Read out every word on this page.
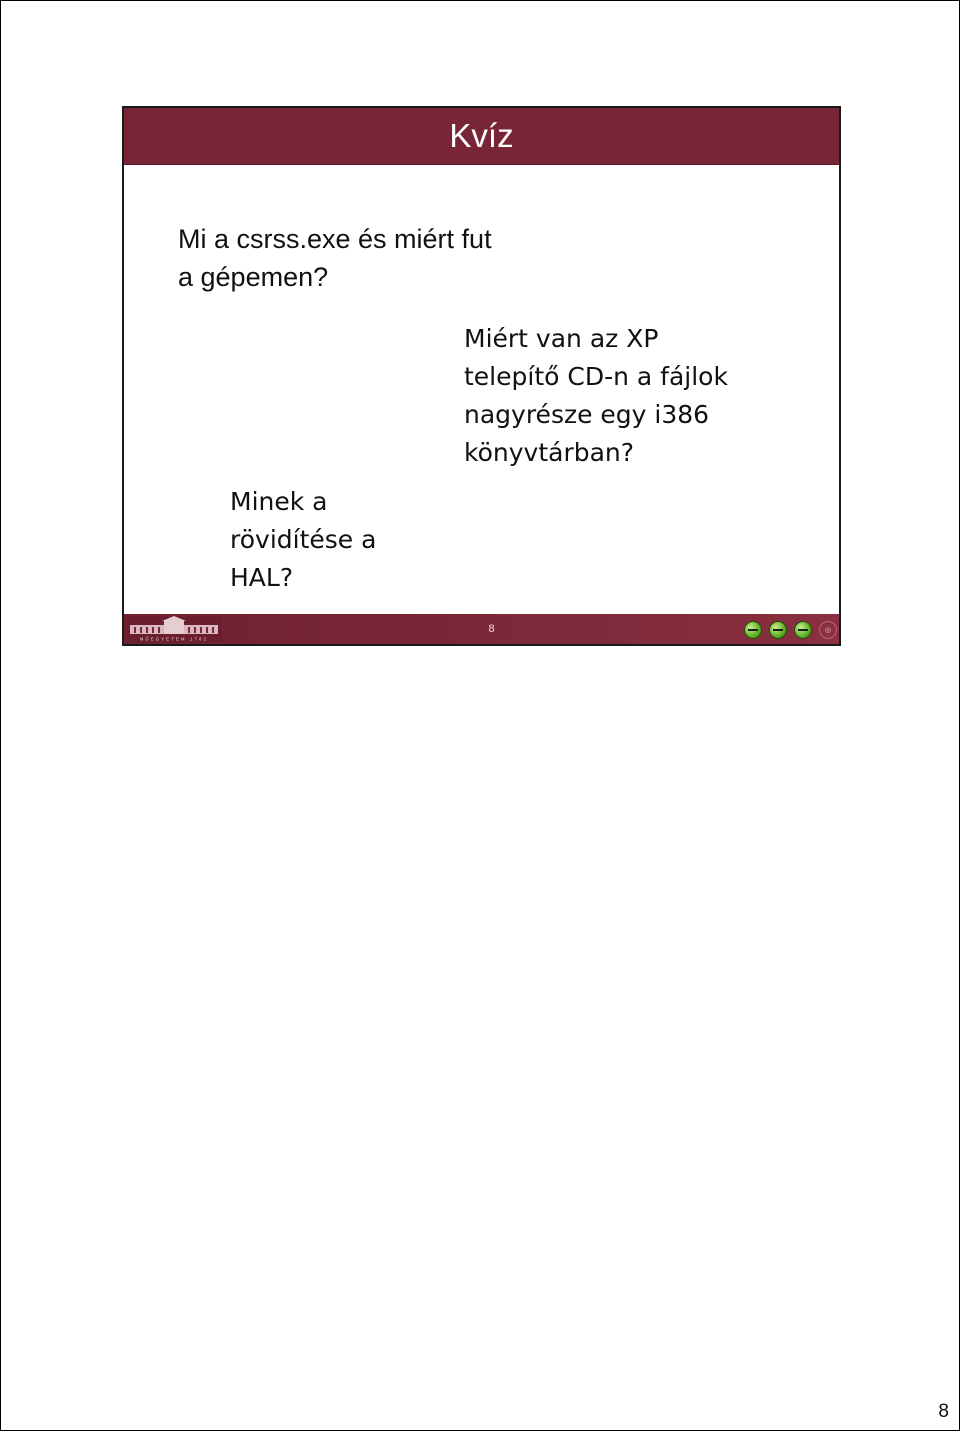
Kvíz

Mi a csrss.exe és miért fut
a gépemen?

Miért van az XP
telepítő CD-n a fájlok
nagyrésze egy i386
könyvtárban?

Minek a
rövidítése a
HAL?

MŰEGYETEM 1782
8	◎
8
